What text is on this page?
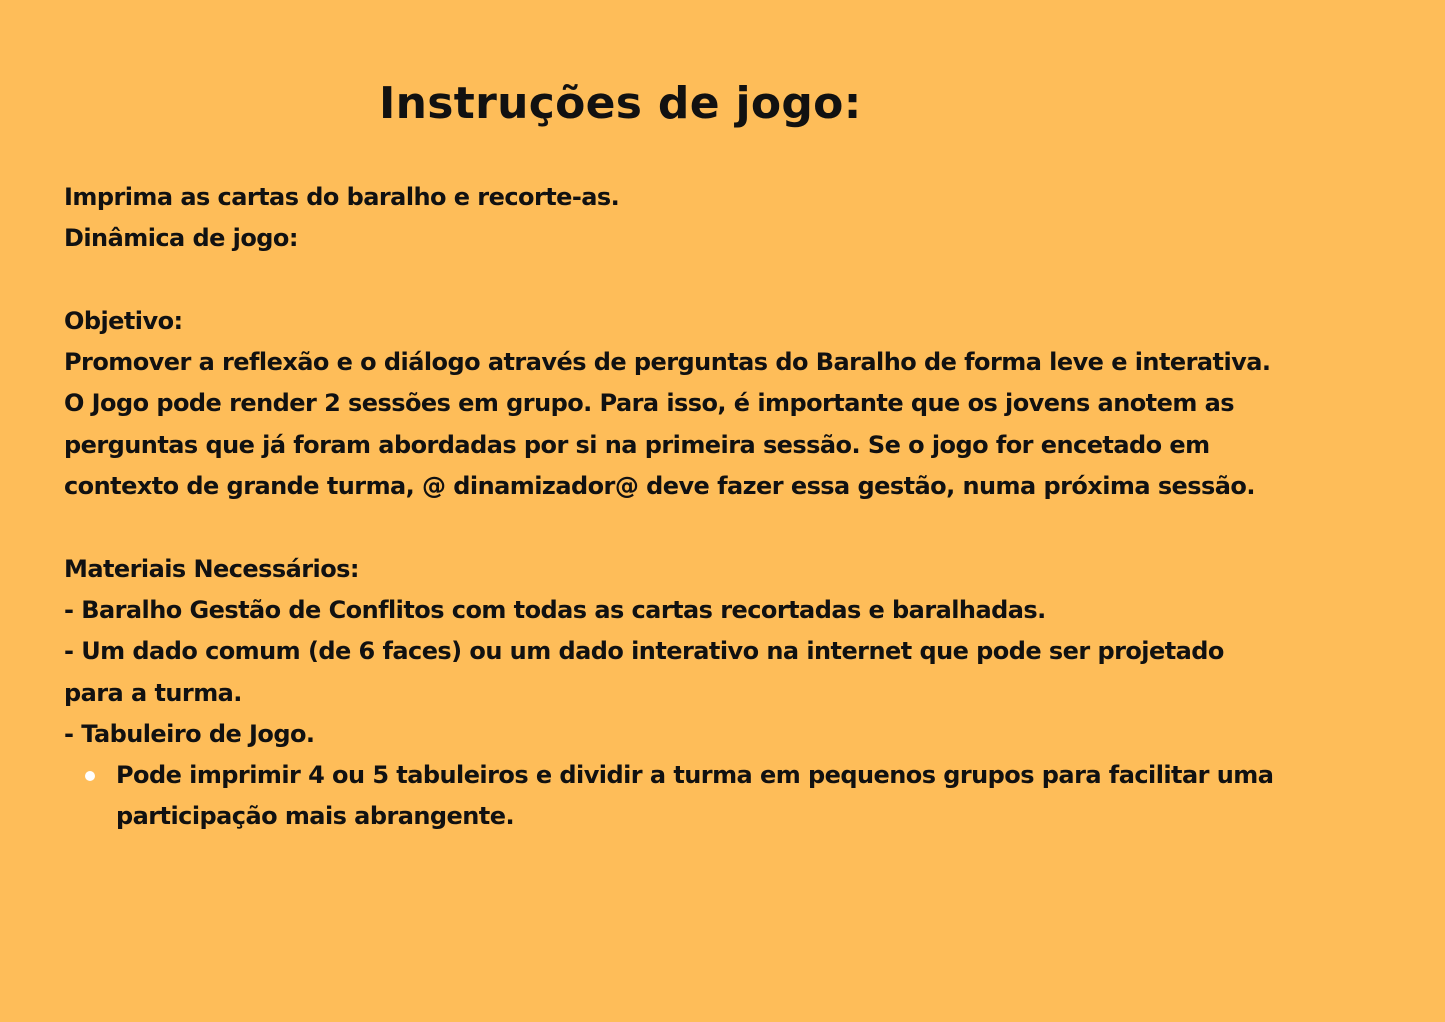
Instruções de jogo:
Imprima as cartas do baralho e recorte-as.
Dinâmica de jogo:
Objetivo:
Promover a reflexão e o diálogo através de perguntas do Baralho de forma leve e interativa.
O Jogo pode render 2 sessões em grupo. Para isso, é importante que os jovens anotem as
perguntas que já foram abordadas por si na primeira sessão. Se o jogo for encetado em
contexto de grande turma, @ dinamizador@ deve fazer essa gestão, numa próxima sessão.
Materiais Necessários:
- Baralho Gestão de Conflitos com todas as cartas recortadas e baralhadas.
- Um dado comum (de 6 faces) ou um dado interativo na internet que pode ser projetado
para a turma.
- Tabuleiro de Jogo.
Pode imprimir 4 ou 5 tabuleiros e dividir a turma em pequenos grupos para facilitar uma
participação mais abrangente.
